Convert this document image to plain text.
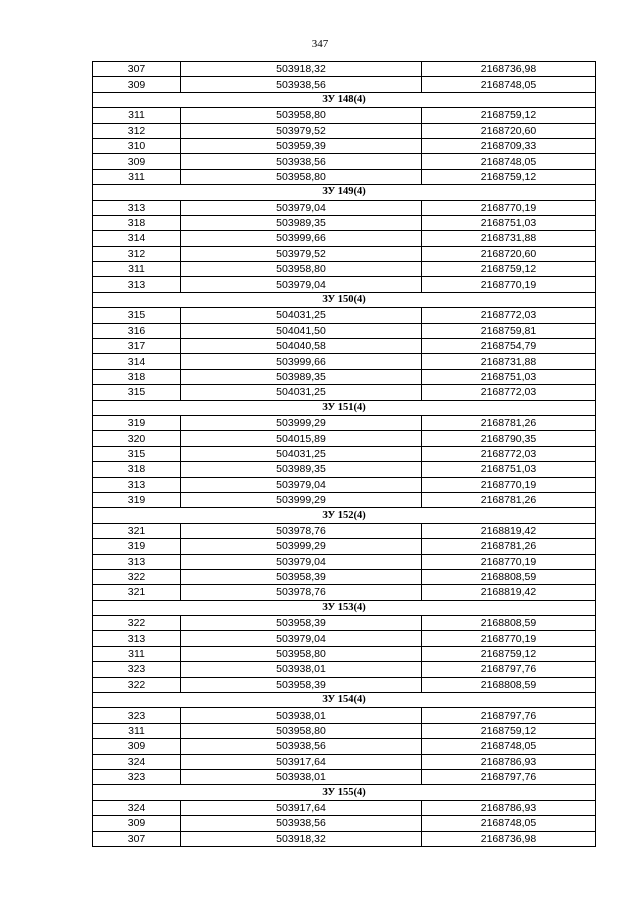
347
307	503918,32	2168736,98
309	503938,56	2168748,05
ЗУ 148(4)		
311	503958,80	2168759,12
312	503979,52	2168720,60
310	503959,39	2168709,33
309	503938,56	2168748,05
311	503958,80	2168759,12
ЗУ 149(4)		
313	503979,04	2168770,19
318	503989,35	2168751,03
314	503999,66	2168731,88
312	503979,52	2168720,60
311	503958,80	2168759,12
313	503979,04	2168770,19
ЗУ 150(4)		
315	504031,25	2168772,03
316	504041,50	2168759,81
317	504040,58	2168754,79
314	503999,66	2168731,88
318	503989,35	2168751,03
315	504031,25	2168772,03
ЗУ 151(4)		
319	503999,29	2168781,26
320	504015,89	2168790,35
315	504031,25	2168772,03
318	503989,35	2168751,03
313	503979,04	2168770,19
319	503999,29	2168781,26
ЗУ 152(4)		
321	503978,76	2168819,42
319	503999,29	2168781,26
313	503979,04	2168770,19
322	503958,39	2168808,59
321	503978,76	2168819,42
ЗУ 153(4)		
322	503958,39	2168808,59
313	503979,04	2168770,19
311	503958,80	2168759,12
323	503938,01	2168797,76
322	503958,39	2168808,59
ЗУ 154(4)		
323	503938,01	2168797,76
311	503958,80	2168759,12
309	503938,56	2168748,05
324	503917,64	2168786,93
323	503938,01	2168797,76
ЗУ 155(4)		
324	503917,64	2168786,93
309	503938,56	2168748,05
307	503918,32	2168736,98
